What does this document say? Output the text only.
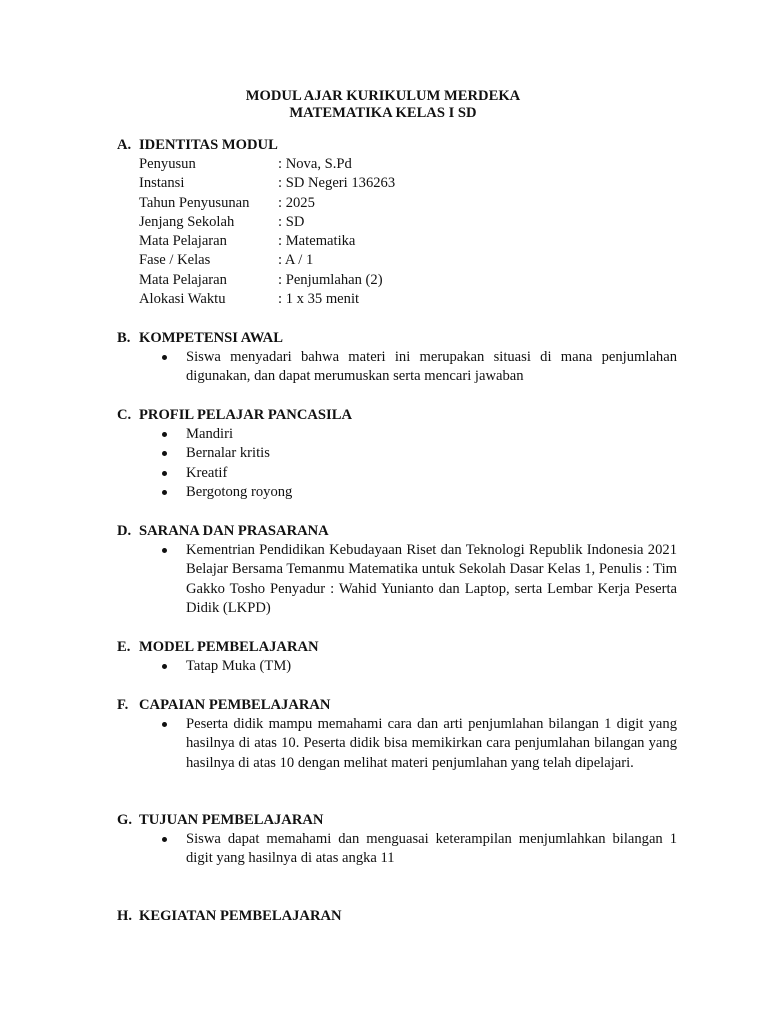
MODUL AJAR KURIKULUM MERDEKA
MATEMATIKA KELAS I SD
A. IDENTITAS MODUL
Penyusun	: Nova, S.Pd
Instansi	: SD Negeri 136263
Tahun Penyusunan	: 2025
Jenjang Sekolah	: SD
Mata Pelajaran	: Matematika
Fase / Kelas	: A / 1
Mata Pelajaran	: Penjumlahan (2)
Alokasi Waktu	: 1 x 35 menit
B. KOMPETENSI AWAL
Siswa menyadari bahwa materi ini merupakan situasi di mana penjumlahan digunakan, dan dapat merumuskan serta mencari jawaban
C. PROFIL PELAJAR PANCASILA
Mandiri
Bernalar kritis
Kreatif
Bergotong royong
D. SARANA DAN PRASARANA
Kementrian Pendidikan Kebudayaan Riset dan Teknologi Republik Indonesia 2021 Belajar Bersama Temanmu Matematika untuk Sekolah Dasar Kelas 1, Penulis : Tim Gakko Tosho Penyadur : Wahid Yunianto dan Laptop, serta Lembar Kerja Peserta Didik (LKPD)
E. MODEL PEMBELAJARAN
Tatap Muka (TM)
F. CAPAIAN PEMBELAJARAN
Peserta didik mampu memahami cara dan arti penjumlahan bilangan 1 digit yang hasilnya di atas 10. Peserta didik bisa memikirkan cara penjumlahan bilangan yang hasilnya di atas 10 dengan melihat materi penjumlahan yang telah dipelajari.
G. TUJUAN PEMBELAJARAN
Siswa dapat memahami dan menguasai keterampilan menjumlahkan bilangan 1 digit yang hasilnya di atas angka 11
H. KEGIATAN PEMBELAJARAN
